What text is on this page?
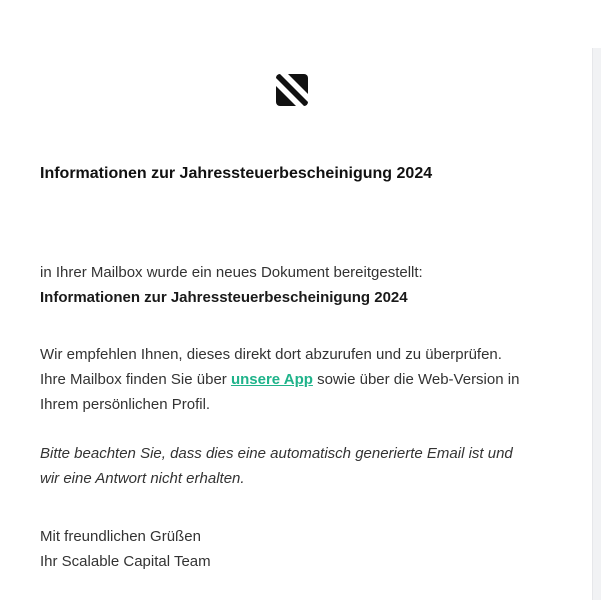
Informationen zur Jahressteuerbescheinigung 2024

in Ihrer Mailbox wurde ein neues Dokument bereitgestellt:
Informationen zur Jahressteuerbescheinigung 2024

Wir empfehlen Ihnen, dieses direkt dort abzurufen und zu überprüfen.
Ihre Mailbox finden Sie über unsere App sowie über die Web-Version in
Ihrem persönlichen Profil.

Bitte beachten Sie, dass dies eine automatisch generierte Email ist und
wir eine Antwort nicht erhalten.

Mit freundlichen Grüßen
Ihr Scalable Capital Team
